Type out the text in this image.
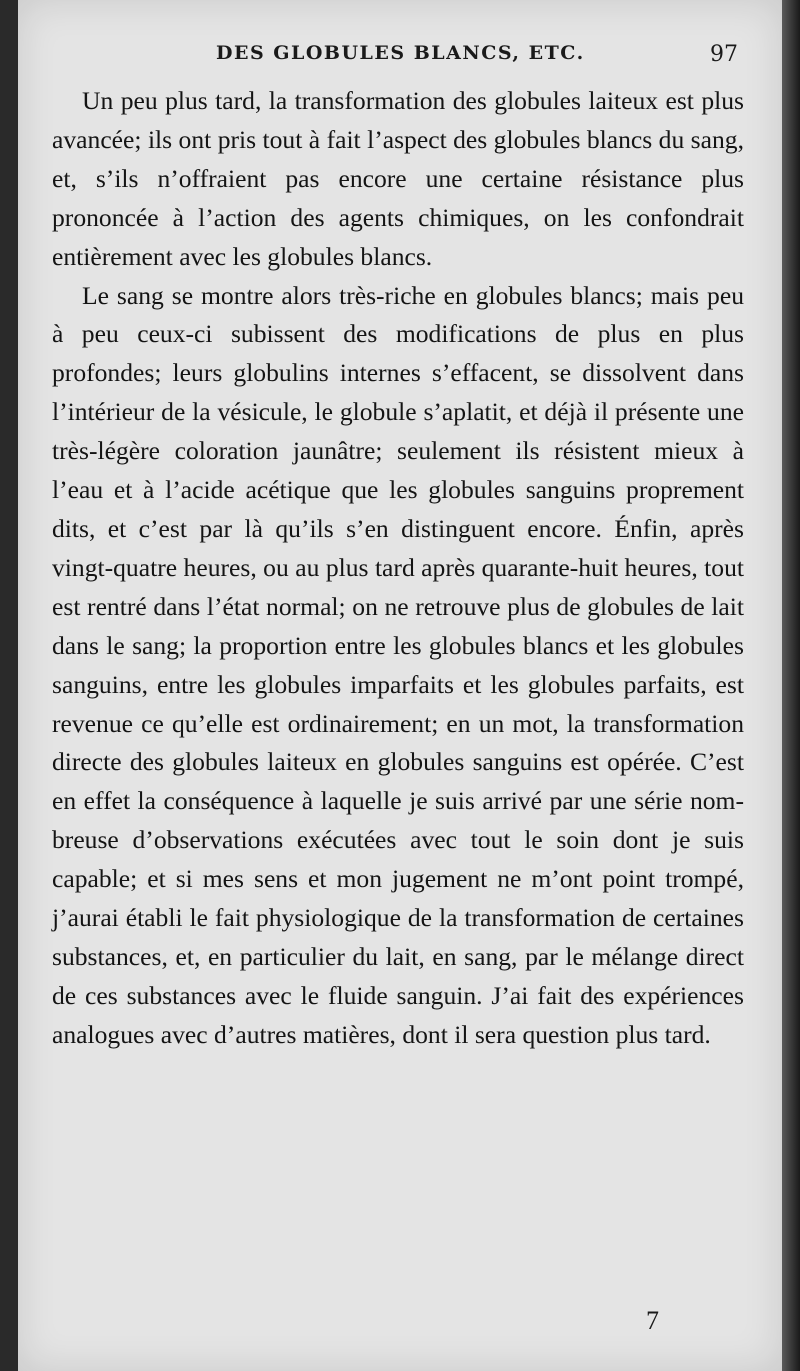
DES GLOBULES BLANCS, ETC.	97

Un peu plus tard, la transformation des globules laiteux est plus avancée; ils ont pris tout à fait l’aspect des globules blancs du sang, et, s’ils n’offraient pas encore une certaine résistance plus prononcée à l’action des agents chimiques, on les confondrait entièrement avec les globules blancs.

Le sang se montre alors très-riche en globules blancs; mais peu à peu ceux-ci subissent des modifications de plus en plus profondes; leurs globulins internes s’effacent, se dissolvent dans l’intérieur de la vésicule, le globule s’aplatit, et déjà il présente une très-légère coloration jaunâtre; seulement ils résistent mieux à l’eau et à l’acide acétique que les globules sanguins proprement dits, et c’est par là qu’ils s’en distinguent encore. Énfin, après vingt-quatre heures, ou au plus tard après quarante-huit heures, tout est rentré dans l’état normal; on ne retrouve plus de globules de lait dans le sang; la proportion entre les globules blancs et les globules sanguins, entre les globules imparfaits et les globules parfaits, est revenue ce qu’elle est ordinairement; en un mot, la transformation directe des globules laiteux en globules sanguins est opérée. C’est en effet la conséquence à laquelle je suis arrivé par une série nombreuse d’observations exécutées avec tout le soin dont je suis capable; et si mes sens et mon jugement ne m’ont point trompé, j’aurai établi le fait physiologique de la transformation de certaines substances, et, en particulier du lait, en sang, par le mélange direct de ces substances avec le fluide sanguin. J’ai fait des expériences analogues avec d’autres matières, dont il sera question plus tard.

7
